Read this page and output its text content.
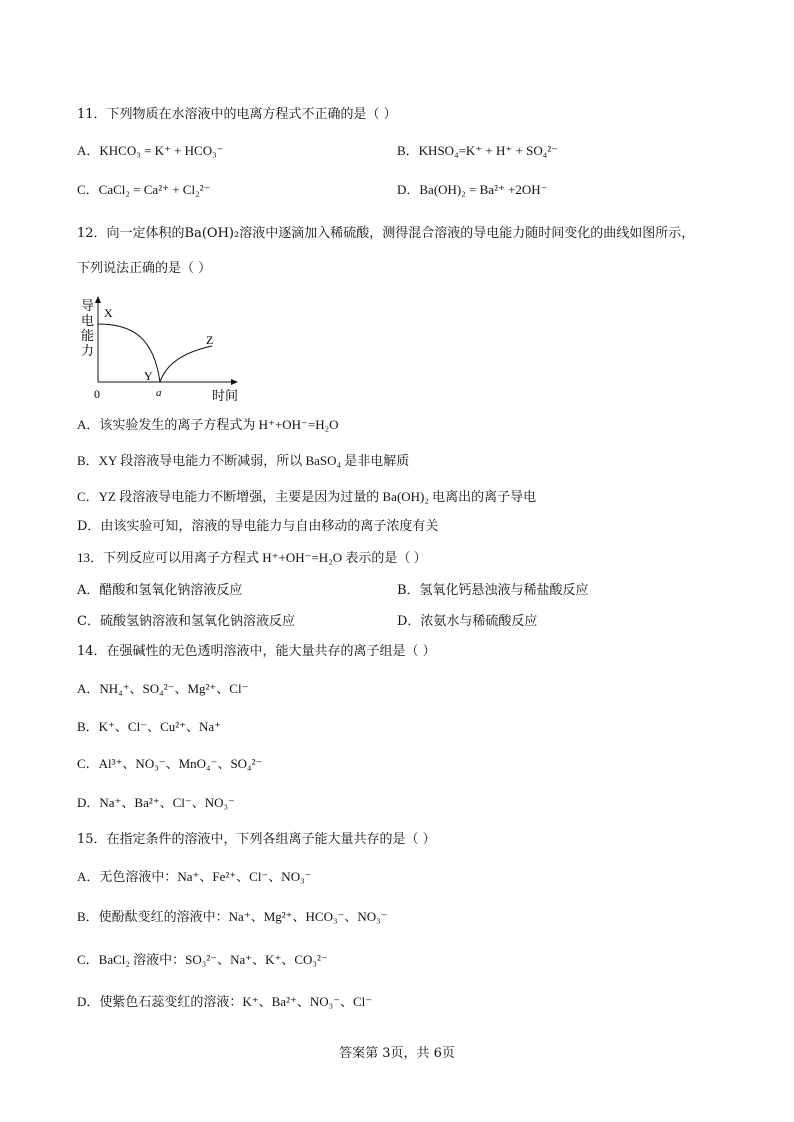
11．下列物质在水溶液中的电离方程式不正确的是（ ）
A．KHCO₃ = K⁺ + HCO₃⁻	B．KHSO₄=K⁺ + H⁺ + SO₄²⁻
C．CaCl₂ = Ca²⁺ + Cl₂²⁻	D．Ba(OH)₂ = Ba²⁺ +2OH⁻
12．向一定体积的Ba(OH)₂溶液中逐滴加入稀硫酸，测得混合溶液的导电能力随时间变化的曲线如图所示，
下列说法正确的是（ ）
导
电
能
力
X
Y
Z
a
0	时间
A．该实验发生的离子方程式为 H⁺+OH⁻=H₂O
B．XY 段溶液导电能力不断减弱，所以 BaSO₄ 是非电解质
C．YZ 段溶液导电能力不断增强，主要是因为过量的 Ba(OH)₂ 电离出的离子导电
D．由该实验可知，溶液的导电能力与自由移动的离子浓度有关
13．下列反应可以用离子方程式 H⁺+OH⁻=H₂O 表示的是（ ）
A．醋酸和氢氧化钠溶液反应	B．氢氧化钙悬浊液与稀盐酸反应
C．硫酸氢钠溶液和氢氧化钠溶液反应	D．浓氨水与稀硫酸反应
14．在强碱性的无色透明溶液中，能大量共存的离子组是（ ）
A．NH₄⁺、SO₄²⁻、Mg²⁺、Cl⁻
B．K⁺、Cl⁻、Cu²⁺、Na⁺
C．Al³⁺、NO₃⁻、MnO₄⁻、SO₄²⁻
D．Na⁺、Ba²⁺、Cl⁻、NO₃⁻
15．在指定条件的溶液中，下列各组离子能大量共存的是（ ）
A．无色溶液中：Na⁺、Fe²⁺、Cl⁻、NO₃⁻
B．使酚酞变红的溶液中：Na⁺、Mg²⁺、HCO₃⁻、NO₃⁻
C．BaCl₂ 溶液中：SO₃²⁻、Na⁺、K⁺、CO₃²⁻
D．使紫色石蕊变红的溶液：K⁺、Ba²⁺、NO₃⁻、Cl⁻
答案第 3页，共 6页
